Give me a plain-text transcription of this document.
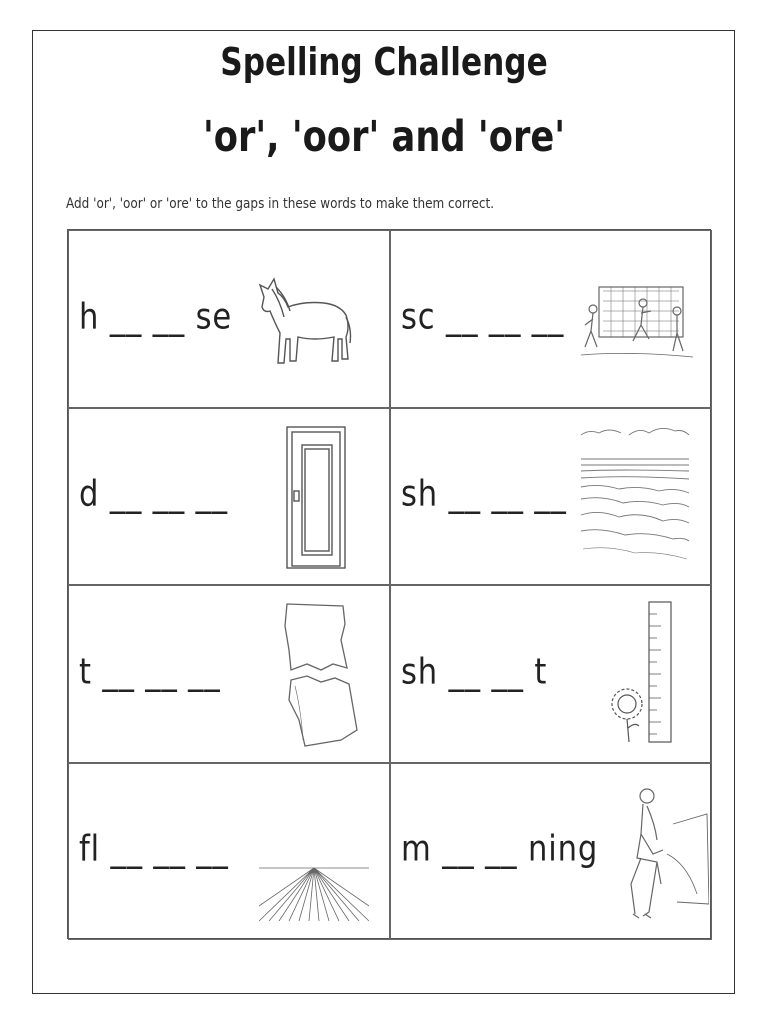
Spelling Challenge
'or', 'oor' and 'ore'
Add 'or', 'oor' or 'ore' to the gaps in these words to make them correct.
h __ __ se	sc __ __ __
d __ __ __	sh __ __ __
t __ __ __	sh __ __ t
fl __ __ __	m __ __ ning
